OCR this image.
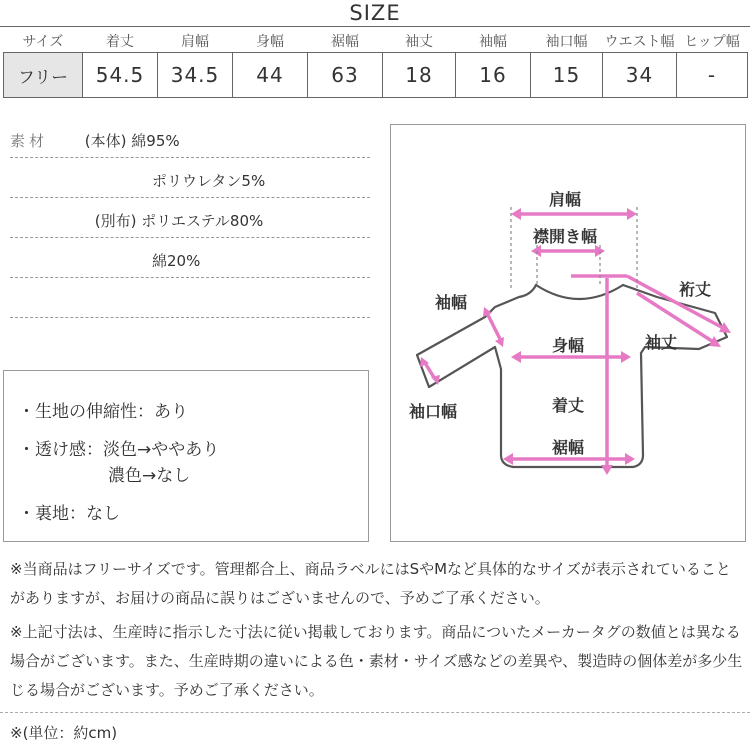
SIZE
サイズ	着丈	肩幅	身幅	裾幅	袖丈	袖幅	袖口幅	ウエスト幅	ヒップ幅
フリー	54.5	34.5	44	63	18	16	15	34	-
素材 (本体) 綿95%
ポリウレタン5%
(別布) ポリエステル80%
綿20%
・生地の伸縮性：あり
・透け感：淡色→ややあり
濃色→なし
・裏地：なし
肩幅
襟開き幅
裄丈
袖丈
袖幅
身幅
袖口幅	着丈
裾幅
※当商品はフリーサイズです。管理都合上、商品ラベルにはSやMなど具体的なサイズが表示されていることがありますが、お届けの商品に誤りはございませんので、予めご了承ください。
※上記寸法は、生産時に指示した寸法に従い掲載しております。商品についたメーカータグの数値とは異なる場合がございます。また、生産時期の違いによる色・素材・サイズ感などの差異や、製造時の個体差が多少生じる場合がございます。予めご了承ください。
※(単位：約cm)
